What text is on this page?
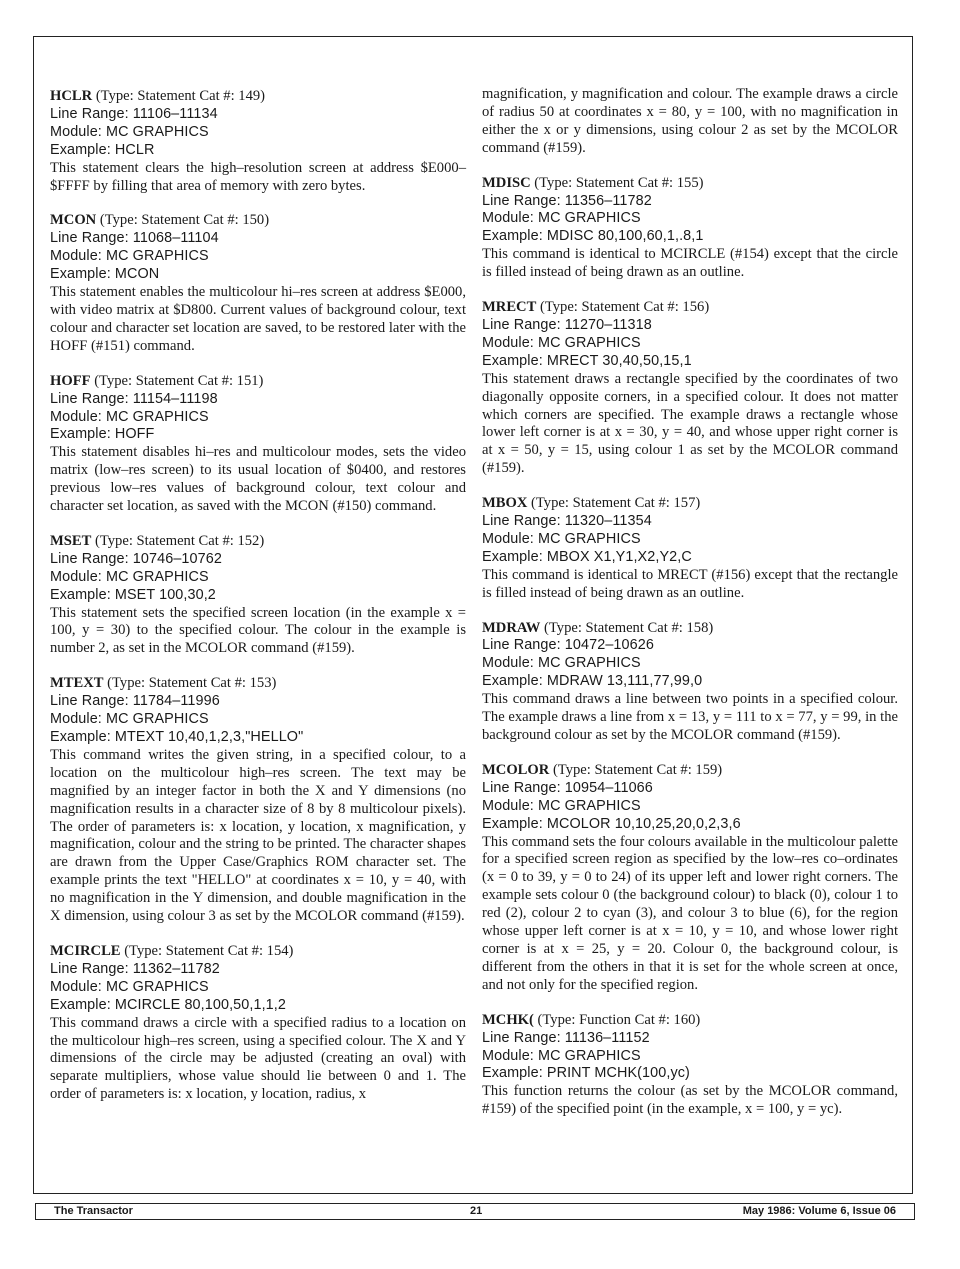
HCLR (Type: Statement Cat #: 149)
Line Range: 11106–11134
Module: MC GRAPHICS
Example: HCLR
This statement clears the high–resolution screen at address $E000–$FFFF by filling that area of memory with zero bytes.
MCON (Type: Statement Cat #: 150)
Line Range: 11068–11104
Module: MC GRAPHICS
Example: MCON
This statement enables the multicolour hi–res screen at address $E000, with video matrix at $D800. Current values of background colour, text colour and character set location are saved, to be restored later with the HOFF (#151) command.
HOFF (Type: Statement Cat #: 151)
Line Range: 11154–11198
Module: MC GRAPHICS
Example: HOFF
This statement disables hi–res and multicolour modes, sets the video matrix (low–res screen) to its usual location of $0400, and restores previous low–res values of background colour, text colour and character set location, as saved with the MCON (#150) command.
MSET (Type: Statement Cat #: 152)
Line Range: 10746–10762
Module: MC GRAPHICS
Example: MSET 100,30,2
This statement sets the specified screen location (in the example x = 100, y = 30) to the specified colour. The colour in the example is number 2, as set in the MCOLOR command (#159).
MTEXT (Type: Statement Cat #: 153)
Line Range: 11784–11996
Module: MC GRAPHICS
Example: MTEXT 10,40,1,2,3,"HELLO"
This command writes the given string, in a specified colour, to a location on the multicolour high–res screen. The text may be magnified by an integer factor in both the X and Y dimensions (no magnification results in a character size of 8 by 8 multicolour pixels). The order of parameters is: x location, y location, x magnification, y magnification, colour and the string to be printed. The character shapes are drawn from the Upper Case/Graphics ROM character set. The example prints the text "HELLO" at coordinates x = 10, y = 40, with no magnification in the Y dimension, and double magnification in the X dimension, using colour 3 as set by the MCOLOR command (#159).
MCIRCLE (Type: Statement Cat #: 154)
Line Range: 11362–11782
Module: MC GRAPHICS
Example: MCIRCLE 80,100,50,1,1,2
This command draws a circle with a specified radius to a location on the multicolour high–res screen, using a specified colour. The X and Y dimensions of the circle may be adjusted (creating an oval) with separate multipliers, whose value should lie between 0 and 1. The order of parameters is: x location, y location, radius, x
magnification, y magnification and colour. The example draws a circle of radius 50 at coordinates x = 80, y = 100, with no magnification in either the x or y dimensions, using colour 2 as set by the MCOLOR command (#159).
MDISC (Type: Statement Cat #: 155)
Line Range: 11356–11782
Module: MC GRAPHICS
Example: MDISC 80,100,60,1,.8,1
This command is identical to MCIRCLE (#154) except that the circle is filled instead of being drawn as an outline.
MRECT (Type: Statement Cat #: 156)
Line Range: 11270–11318
Module: MC GRAPHICS
Example: MRECT 30,40,50,15,1
This statement draws a rectangle specified by the coordinates of two diagonally opposite corners, in a specified colour. It does not matter which corners are specified. The example draws a rectangle whose lower left corner is at x = 30, y = 40, and whose upper right corner is at x = 50, y = 15, using colour 1 as set by the MCOLOR command (#159).
MBOX (Type: Statement Cat #: 157)
Line Range: 11320–11354
Module: MC GRAPHICS
Example: MBOX X1,Y1,X2,Y2,C
This command is identical to MRECT (#156) except that the rectangle is filled instead of being drawn as an outline.
MDRAW (Type: Statement Cat #: 158)
Line Range: 10472–10626
Module: MC GRAPHICS
Example: MDRAW 13,111,77,99,0
This command draws a line between two points in a specified colour. The example draws a line from x = 13, y = 111 to x = 77, y = 99, in the background colour as set by the MCOLOR command (#159).
MCOLOR (Type: Statement Cat #: 159)
Line Range: 10954–11066
Module: MC GRAPHICS
Example: MCOLOR 10,10,25,20,0,2,3,6
This command sets the four colours available in the multicolour palette for a specified screen region as specified by the low–res co–ordinates (x = 0 to 39, y = 0 to 24) of its upper left and lower right corners. The example sets colour 0 (the background colour) to black (0), colour 1 to red (2), colour 2 to cyan (3), and colour 3 to blue (6), for the region whose upper left corner is at x = 10, y = 10, and whose lower right corner is at x = 25, y = 20. Colour 0, the background colour, is different from the others in that it is set for the whole screen at once, and not only for the specified region.
MCHK( (Type: Function Cat #: 160)
Line Range: 11136–11152
Module: MC GRAPHICS
Example: PRINT MCHK(100,yc)
This function returns the colour (as set by the MCOLOR command, #159) of the specified point (in the example, x = 100, y = yc).
The Transactor	21	May 1986: Volume 6, Issue 06
